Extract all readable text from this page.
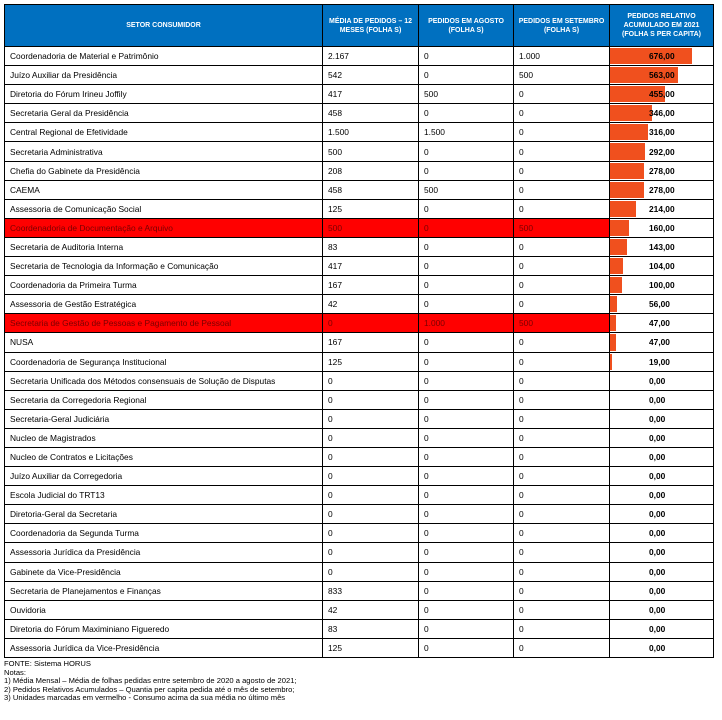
SETOR CONSUMIDOR	MÉDIA DE PEDIDOS – 12 MESES (FOLHA S)	PEDIDOS EM AGOSTO (FOLHA S)	PEDIDOS EM SETEMBRO (FOLHA S)	PEDIDOS RELATIVO ACUMULADO EM 2021 (FOLHA S PER CAPITA)
Coordenadoria de Material e Patrimônio	2.167	0	1.000	676,00

Juízo Auxiliar da Presidência	542	0	500	563,00

Diretoria do Fórum Irineu Joffily	417	500	0	455,00

Secretaria Geral da Presidência	458	0	0	346,00

Central Regional de Efetividade	1.500	1.500	0	316,00

Secretaria Administrativa	500	0	0	292,00

Chefia do Gabinete da Presidência	208	0	0	278,00

CAEMA	458	500	0	278,00

Assessoria de Comunicação Social	125	0	0	214,00

Coordenadoria de Documentação e Arquivo	500	0	500	160,00

Secretaria de Auditoria Interna	83	0	0	143,00

Secretaria de Tecnologia da Informação e Comunicação	417	0	0	104,00

Coordenadoria da Primeira Turma	167	0	0	100,00

Assessoria de Gestão Estratégica	42	0	0	56,00

Secretaria de Gestão de Pessoas e Pagamento de Pessoal	0	1.000	500	47,00

NUSA	167	0	0	47,00

Coordenadoria de Segurança Institucional	125	0	0	19,00

Secretaria Unificada dos Métodos consensuais de Solução de Disputas	0	0	0	0,00

Secretaria da Corregedoria Regional	0	0	0	0,00

Secretaria-Geral Judiciária	0	0	0	0,00

Nucleo de Magistrados	0	0	0	0,00

Nucleo de Contratos e Licitações	0	0	0	0,00

Juízo Auxiliar da Corregedoria	0	0	0	0,00

Escola Judicial do TRT13	0	0	0	0,00

Diretoria-Geral da Secretaria	0	0	0	0,00

Coordenadoria da Segunda Turma	0	0	0	0,00

Assessoria Jurídica da Presidência	0	0	0	0,00

Gabinete da Vice-Presidência	0	0	0	0,00

Secretaria de Planejamentos e Finanças	833	0	0	0,00

Ouvidoria	42	0	0	0,00

Diretoria do Fórum Maximiniano Figueredo	83	0	0	0,00

Assessoria Jurídica da Vice-Presidência	125	0	0	0,00
FONTE: Sistema HORUS
Notas:
1) Média Mensal – Média de folhas pedidas entre setembro de 2020 a agosto de 2021;
2) Pedidos Relativos Acumulados – Quantia per capita pedida até o mês de setembro;
3) Unidades marcadas em vermelho - Consumo acima da sua média no último mês
